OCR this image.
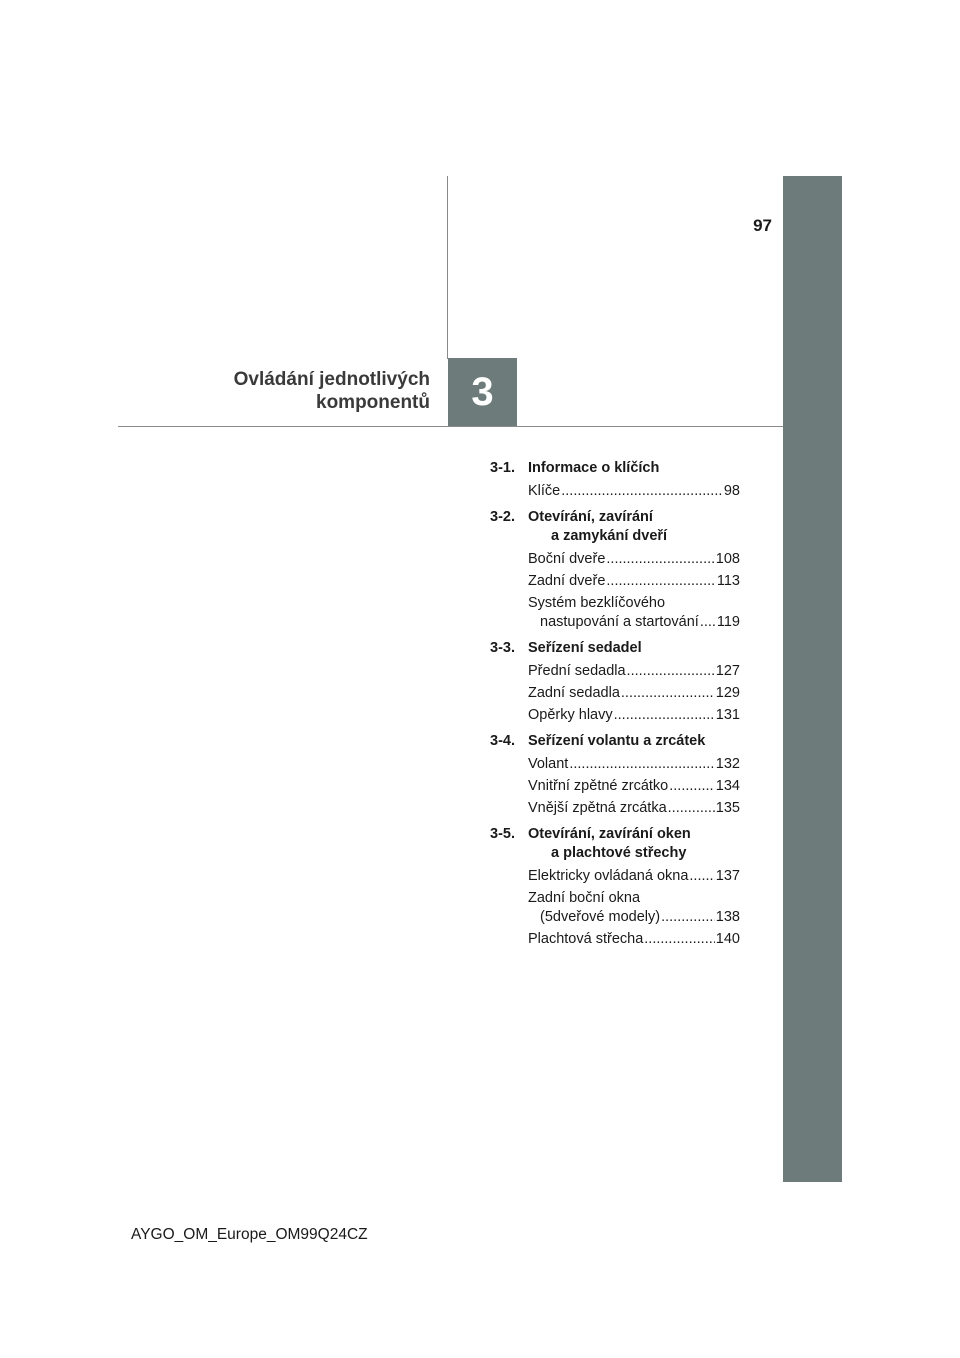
97
Ovládání jednotlivých
komponentů 3
3-1. Informace o klíčích
Klíče .....	98
3-2. Otevírání, zavírání
a zamykání dveří
Boční dveře .....	108
Zadní dveře .....	113
Systém bezklíčového
nastupování a startování ..... 119
3-3. Seřízení sedadel
Přední sedadla .....	127
Zadní sedadla .....	129
Opěrky hlavy .....	131
3-4. Seřízení volantu a zrcátek
Volant .....	132
Vnitřní zpětné zrcátko .....	134
Vnější zpětná zrcátka .....	135
3-5. Otevírání, zavírání oken
a plachtové střechy
Elektricky ovládaná okna ..... 137
Zadní boční okna
(5dveřové modely) .....	138
Plachtová střecha .....	140
AYGO_OM_Europe_OM99Q24CZ
